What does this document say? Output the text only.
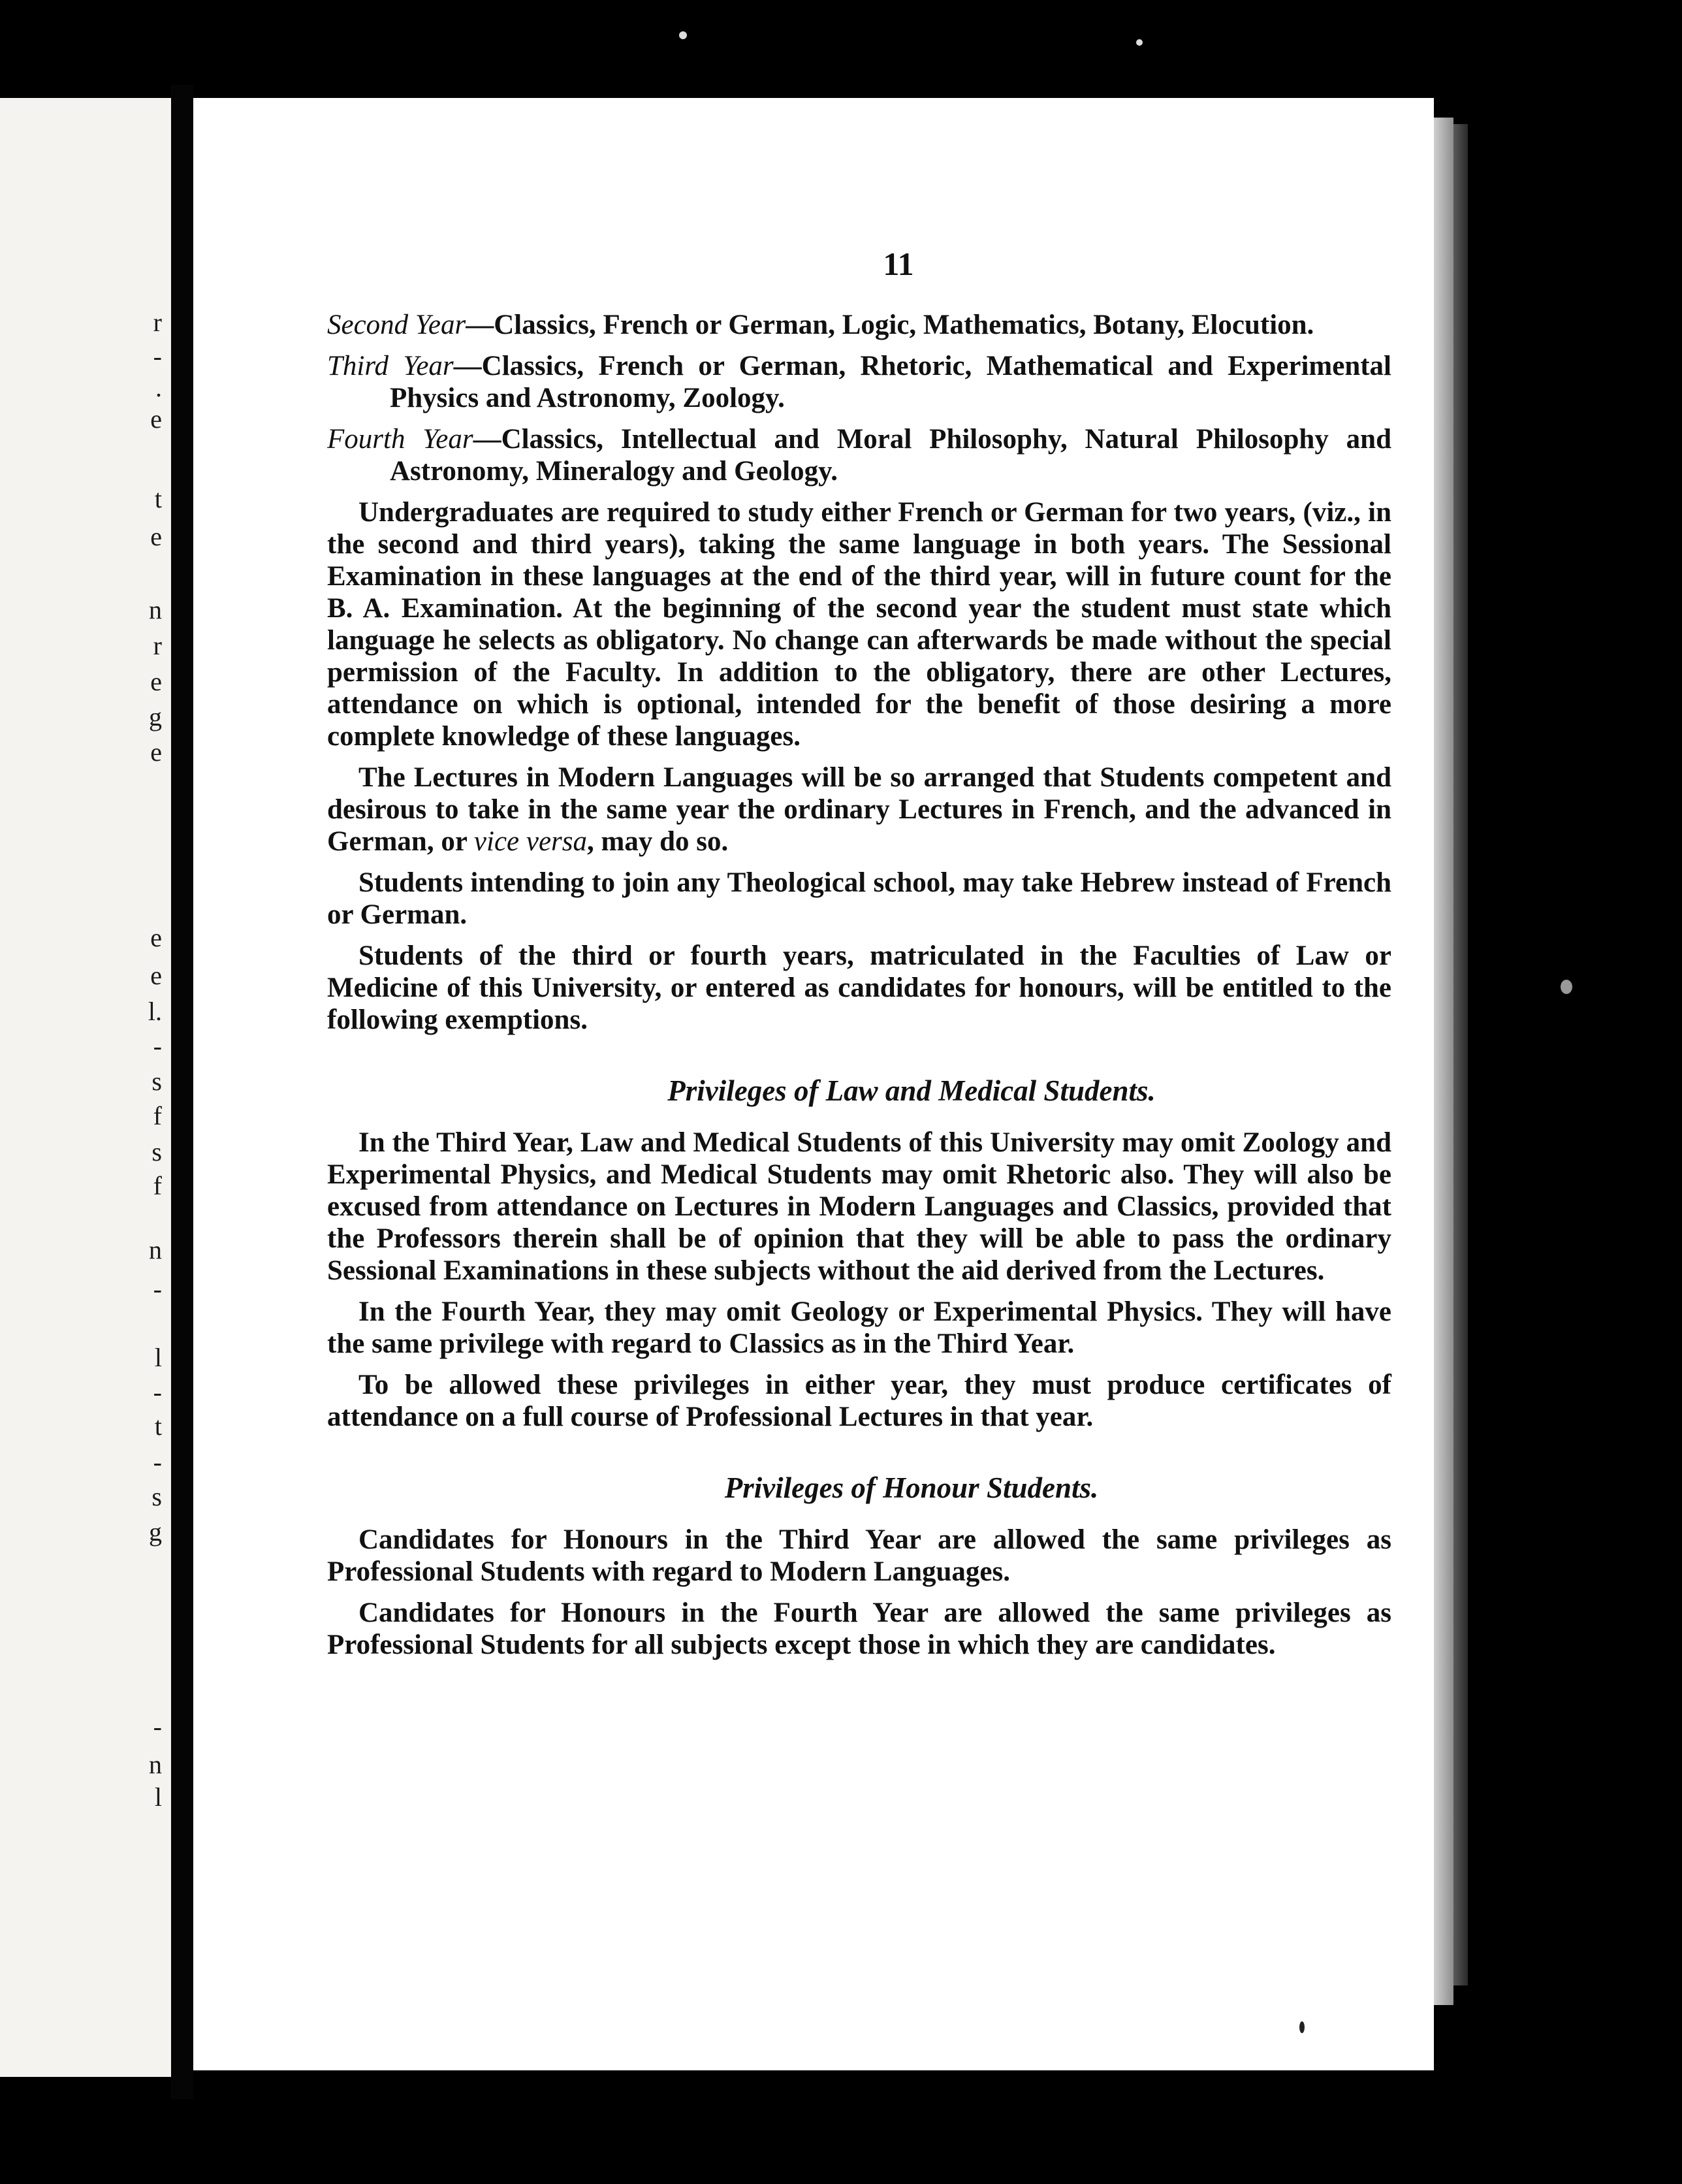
r
-
.
e
t
e
n
r
e
g
e
e
e
l.
-
s
f
s
f
n
-
l
-
t
-
s
g
-
n
l
11
Second Year—Classics, French or German, Logic, Mathematics, Botany, Elocution.
Third Year—Classics, French or German, Rhetoric, Mathematical and Experimental Physics and Astronomy, Zoology.
Fourth Year—Classics, Intellectual and Moral Philosophy, Natural Philosophy and Astronomy, Mineralogy and Geology.

Undergraduates are required to study either French or German for two years, (viz., in the second and third years), taking the same language in both years. The Sessional Examination in these languages at the end of the third year, will in future count for the B. A. Examination. At the beginning of the second year the student must state which language he selects as obligatory. No change can afterwards be made without the special permission of the Faculty. In addition to the obligatory, there are other Lectures, attendance on which is optional, intended for the benefit of those desiring a more complete knowledge of these languages.

The Lectures in Modern Languages will be so arranged that Students competent and desirous to take in the same year the ordinary Lectures in French, and the advanced in German, or vice versa, may do so.

Students intending to join any Theological school, may take Hebrew instead of French or German.

Students of the third or fourth years, matriculated in the Faculties of Law or Medicine of this University, or entered as candidates for honours, will be entitled to the following exemptions.

Privileges of Law and Medical Students.

In the Third Year, Law and Medical Students of this University may omit Zoology and Experimental Physics, and Medical Students may omit Rhetoric also. They will also be excused from attendance on Lectures in Modern Languages and Classics, provided that the Professors therein shall be of opinion that they will be able to pass the ordinary Sessional Examinations in these subjects without the aid derived from the Lectures.

In the Fourth Year, they may omit Geology or Experimental Physics. They will have the same privilege with regard to Classics as in the Third Year.

To be allowed these privileges in either year, they must produce certificates of attendance on a full course of Professional Lectures in that year.

Privileges of Honour Students.

Candidates for Honours in the Third Year are allowed the same privileges as Professional Students with regard to Modern Languages.

Candidates for Honours in the Fourth Year are allowed the same privileges as Professional Students for all subjects except those in which they are candidates.
